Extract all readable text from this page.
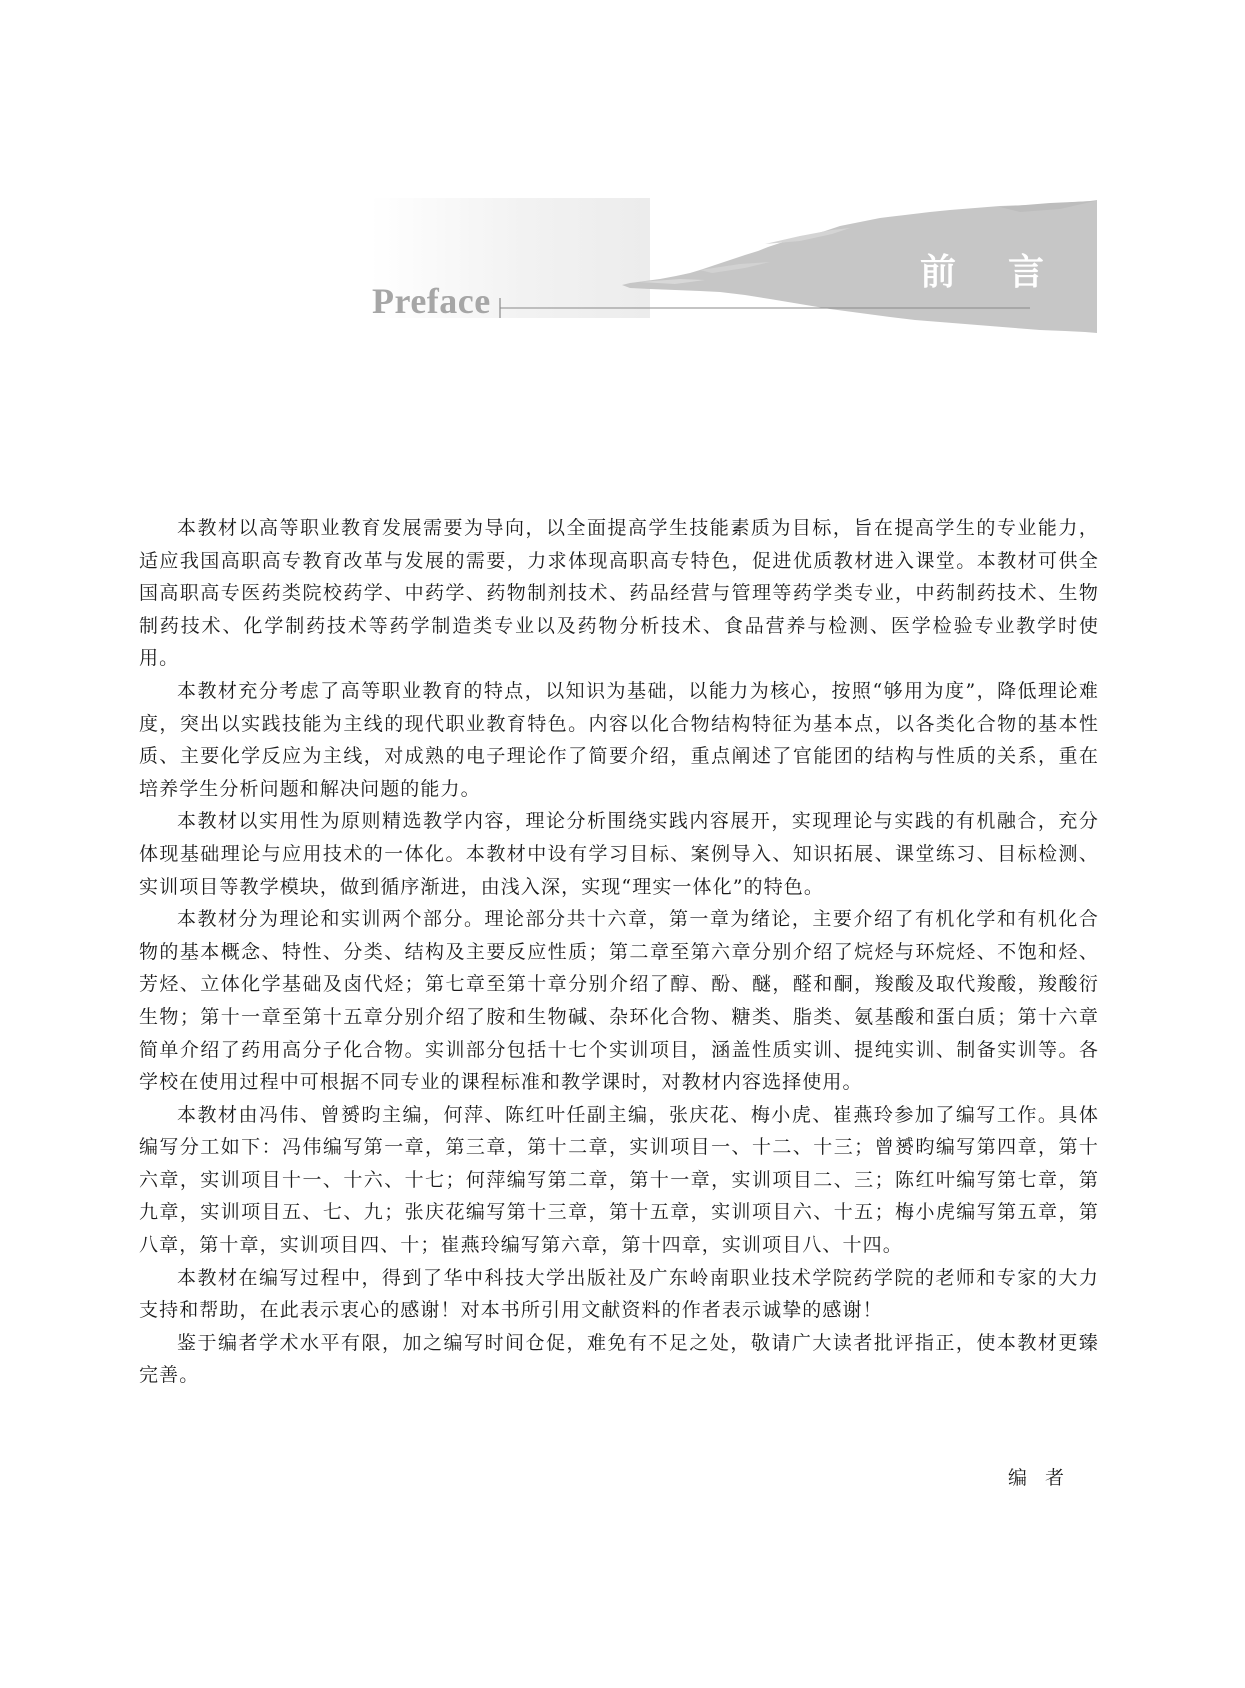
Preface
前言

本教材以高等职业教育发展需要为导向，以全面提高学生技能素质为目标，旨在提高学生的专业能力，适应我国高职高专教育改革与发展的需要，力求体现高职高专特色，促进优质教材进入课堂。本教材可供全国高职高专医药类院校药学、中药学、药物制剂技术、药品经营与管理等药学类专业，中药制药技术、生物制药技术、化学制药技术等药学制造类专业以及药物分析技术、食品营养与检测、医学检验专业教学时使用。

本教材充分考虑了高等职业教育的特点，以知识为基础，以能力为核心，按照“够用为度”，降低理论难度，突出以实践技能为主线的现代职业教育特色。内容以化合物结构特征为基本点，以各类化合物的基本性质、主要化学反应为主线，对成熟的电子理论作了简要介绍，重点阐述了官能团的结构与性质的关系，重在培养学生分析问题和解决问题的能力。

本教材以实用性为原则精选教学内容，理论分析围绕实践内容展开，实现理论与实践的有机融合，充分体现基础理论与应用技术的一体化。本教材中设有学习目标、案例导入、知识拓展、课堂练习、目标检测、实训项目等教学模块，做到循序渐进，由浅入深，实现“理实一体化”的特色。

本教材分为理论和实训两个部分。理论部分共十六章，第一章为绪论，主要介绍了有机化学和有机化合物的基本概念、特性、分类、结构及主要反应性质；第二章至第六章分别介绍了烷烃与环烷烃、不饱和烃、芳烃、立体化学基础及卤代烃；第七章至第十章分别介绍了醇、酚、醚，醛和酮，羧酸及取代羧酸，羧酸衍生物；第十一章至第十五章分别介绍了胺和生物碱、杂环化合物、糖类、脂类、氨基酸和蛋白质；第十六章简单介绍了药用高分子化合物。实训部分包括十七个实训项目，涵盖性质实训、提纯实训、制备实训等。各学校在使用过程中可根据不同专业的课程标准和教学课时，对教材内容选择使用。

本教材由冯伟、曾赟昀主编，何萍、陈红叶任副主编，张庆花、梅小虎、崔燕玲参加了编写工作。具体编写分工如下：冯伟编写第一章，第三章，第十二章，实训项目一、十二、十三；曾赟昀编写第四章，第十六章，实训项目十一、十六、十七；何萍编写第二章，第十一章，实训项目二、三；陈红叶编写第七章，第九章，实训项目五、七、九；张庆花编写第十三章，第十五章，实训项目六、十五；梅小虎编写第五章，第八章，第十章，实训项目四、十；崔燕玲编写第六章，第十四章，实训项目八、十四。

本教材在编写过程中，得到了华中科技大学出版社及广东岭南职业技术学院药学院的老师和专家的大力支持和帮助，在此表示衷心的感谢！对本书所引用文献资料的作者表示诚挚的感谢！

鉴于编者学术水平有限，加之编写时间仓促，难免有不足之处，敬请广大读者批评指正，使本教材更臻完善。

编者
